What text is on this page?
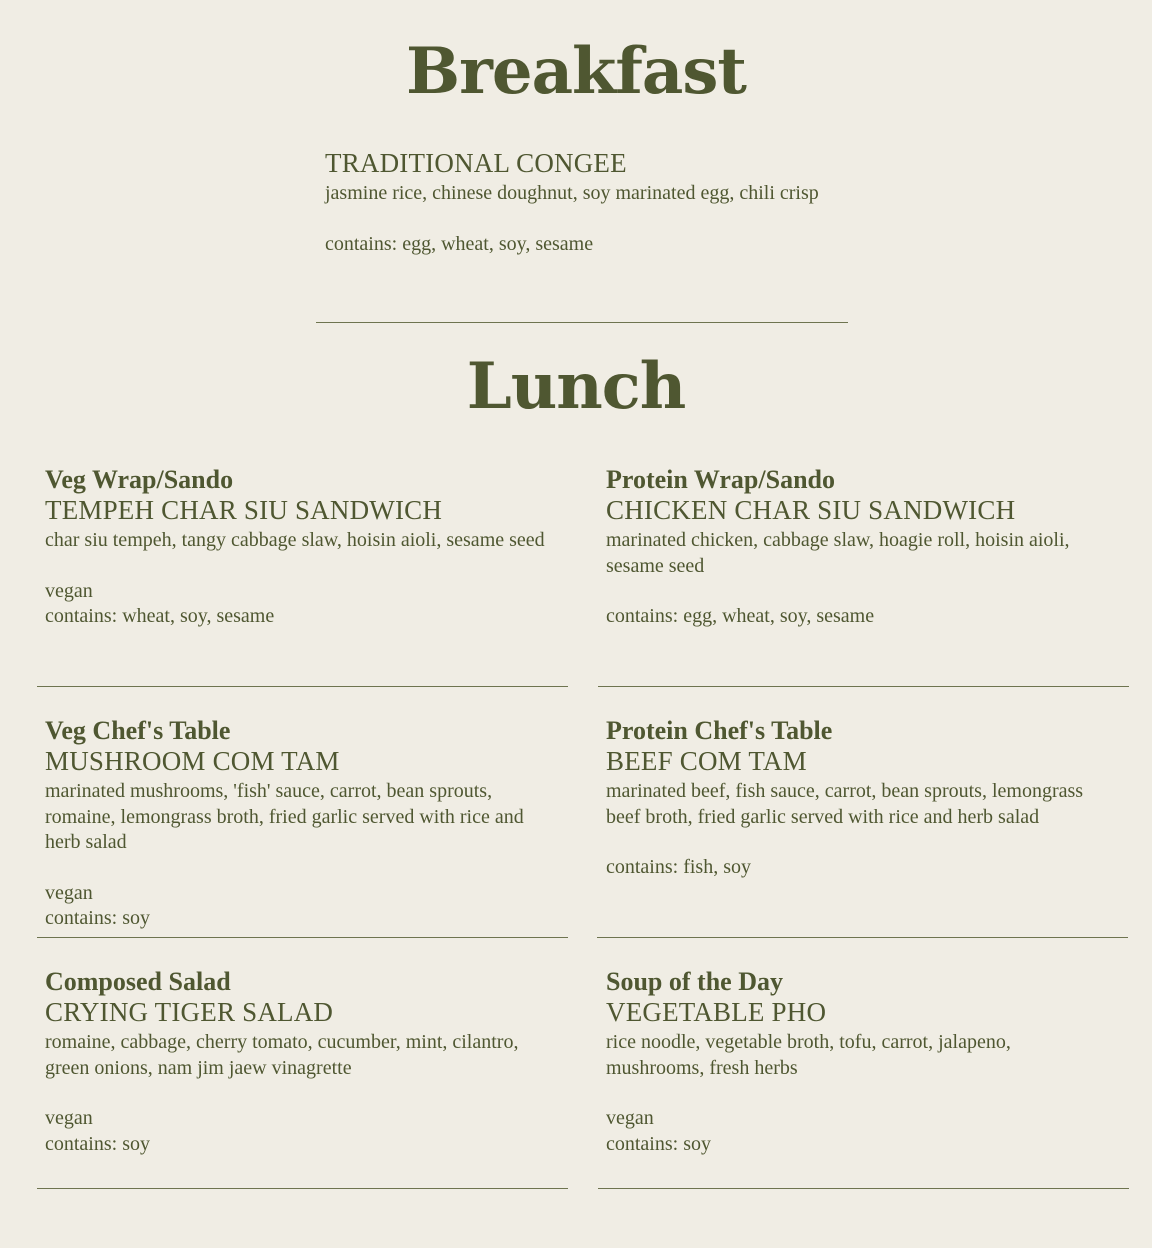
Breakfast
TRADITIONAL CONGEE
jasmine rice, chinese doughnut, soy marinated egg, chili crisp
contains: egg, wheat, soy, sesame
Lunch
Veg Wrap/Sando
TEMPEH CHAR SIU SANDWICH
char siu tempeh, tangy cabbage slaw, hoisin aioli, sesame seed
vegan
contains: wheat, soy, sesame
Protein Wrap/Sando
CHICKEN CHAR SIU SANDWICH
marinated chicken, cabbage slaw, hoagie roll, hoisin aioli, sesame seed
contains: egg, wheat, soy, sesame
Veg Chef's Table
MUSHROOM COM TAM
marinated mushrooms, 'fish' sauce, carrot, bean sprouts, romaine, lemongrass broth, fried garlic served with rice and herb salad
vegan
contains: soy
Protein Chef's Table
BEEF COM TAM
marinated beef, fish sauce, carrot, bean sprouts, lemongrass beef broth, fried garlic served with rice and herb salad
contains: fish, soy
Composed Salad
CRYING TIGER SALAD
romaine, cabbage, cherry tomato, cucumber, mint, cilantro, green onions, nam jim jaew vinagrette
vegan
contains: soy
Soup of the Day
VEGETABLE PHO
rice noodle, vegetable broth, tofu, carrot, jalapeno, mushrooms, fresh herbs
vegan
contains: soy
